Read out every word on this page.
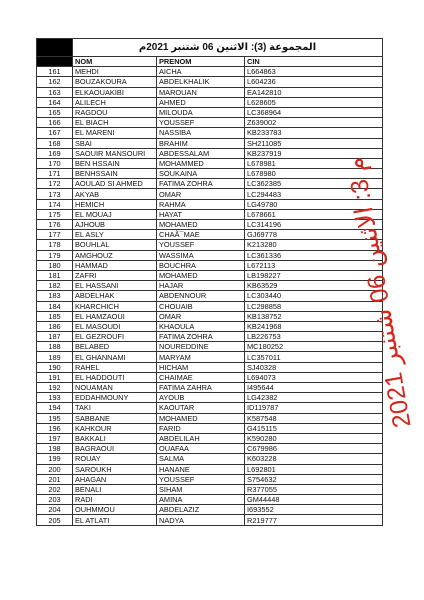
	المجموعة (3): الاثنين 06 شتنبر 2021م		
	NOM	PRENOM	CIN
161	MEHDI	AICHA	L664863
162	BOUZAKOURA	ABDELKHALIK	L604236
163	ELKAOUAKIBI	MAROUAN	EA142810
164	ALILECH	AHMED	L628605
165	RAGDOU	MILOUDA	LC368964
166	EL BIACH	YOUSSEF	Z639002
167	EL MARENI	NASSIBA	KB233783
168	SBAI	BRAHIM	SH211085
169	SAOUIR MANSOURI	ABDESSALAM	KB237919
170	BEN HSSAIN	MOHAMMED	L678981
171	BENHSSAIN	SOUKAINA	L678980
172	AOULAD SI AHMED	FATIMA ZOHRA	LC362385
173	AKYAB	OMAR	LC294483
174	HEMICH	RAHMA	LG49780
175	EL MOUAJ	HAYAT	L678661
176	AJHOUB	MOHAMED	LC314196
177	EL ASLY	CHAÃ¯MAE	GJ69778
178	BOUHLAL	YOUSSEF	K213280
179	AMGHOUZ	WASSIMA	LC361336
180	HAMMAD	BOUCHRA	L672113
181	ZAFRI	MOHAMED	LB198227
182	EL HASSANI	HAJAR	KB63529
183	ABDELHAK	ABDENNOUR	LC303440
184	KHARCHICH	CHOUAIB	LC298858
185	EL HAMZAOUI	OMAR	KB138752
186	EL MASOUDI	KHAOULA	KB241968
187	EL GEZROUFI	FATIMA ZOHRA	LB226753
188	BELABED	NOUREDDINE	MC180252
189	EL GHANNAMI	MARYAM	LC357011
190	RAHEL	HICHAM	SJ40328
191	EL HADDOUTI	CHAIMAE	L694073
192	NOUAMAN	FATIMA ZAHRA	I495644
193	EDDAHMOUNY	AYOUB	LG42382
194	TAKI	KAOUTAR	ID119787
195	SABBANE	MOHAMED	K587548
196	KAHKOUR	FARID	G415115
197	BAKKALI	ABDELILAH	K590280
198	BAGRAOUI	OUAFAA	C679986
199	ROUAY	SALMA	K603228
200	SAROUKH	HANANE	L692801
201	AHAGAN	YOUSSEF	S754632
202	BENALI	SIHAM	R377055
203	RADI	AMINA	GM44448
204	OUHMMOU	ABDELAZIZ	I693552
205	EL ATLATI	NADYA	R219777
م 3: الاثنين 06 شتنبر 2021
